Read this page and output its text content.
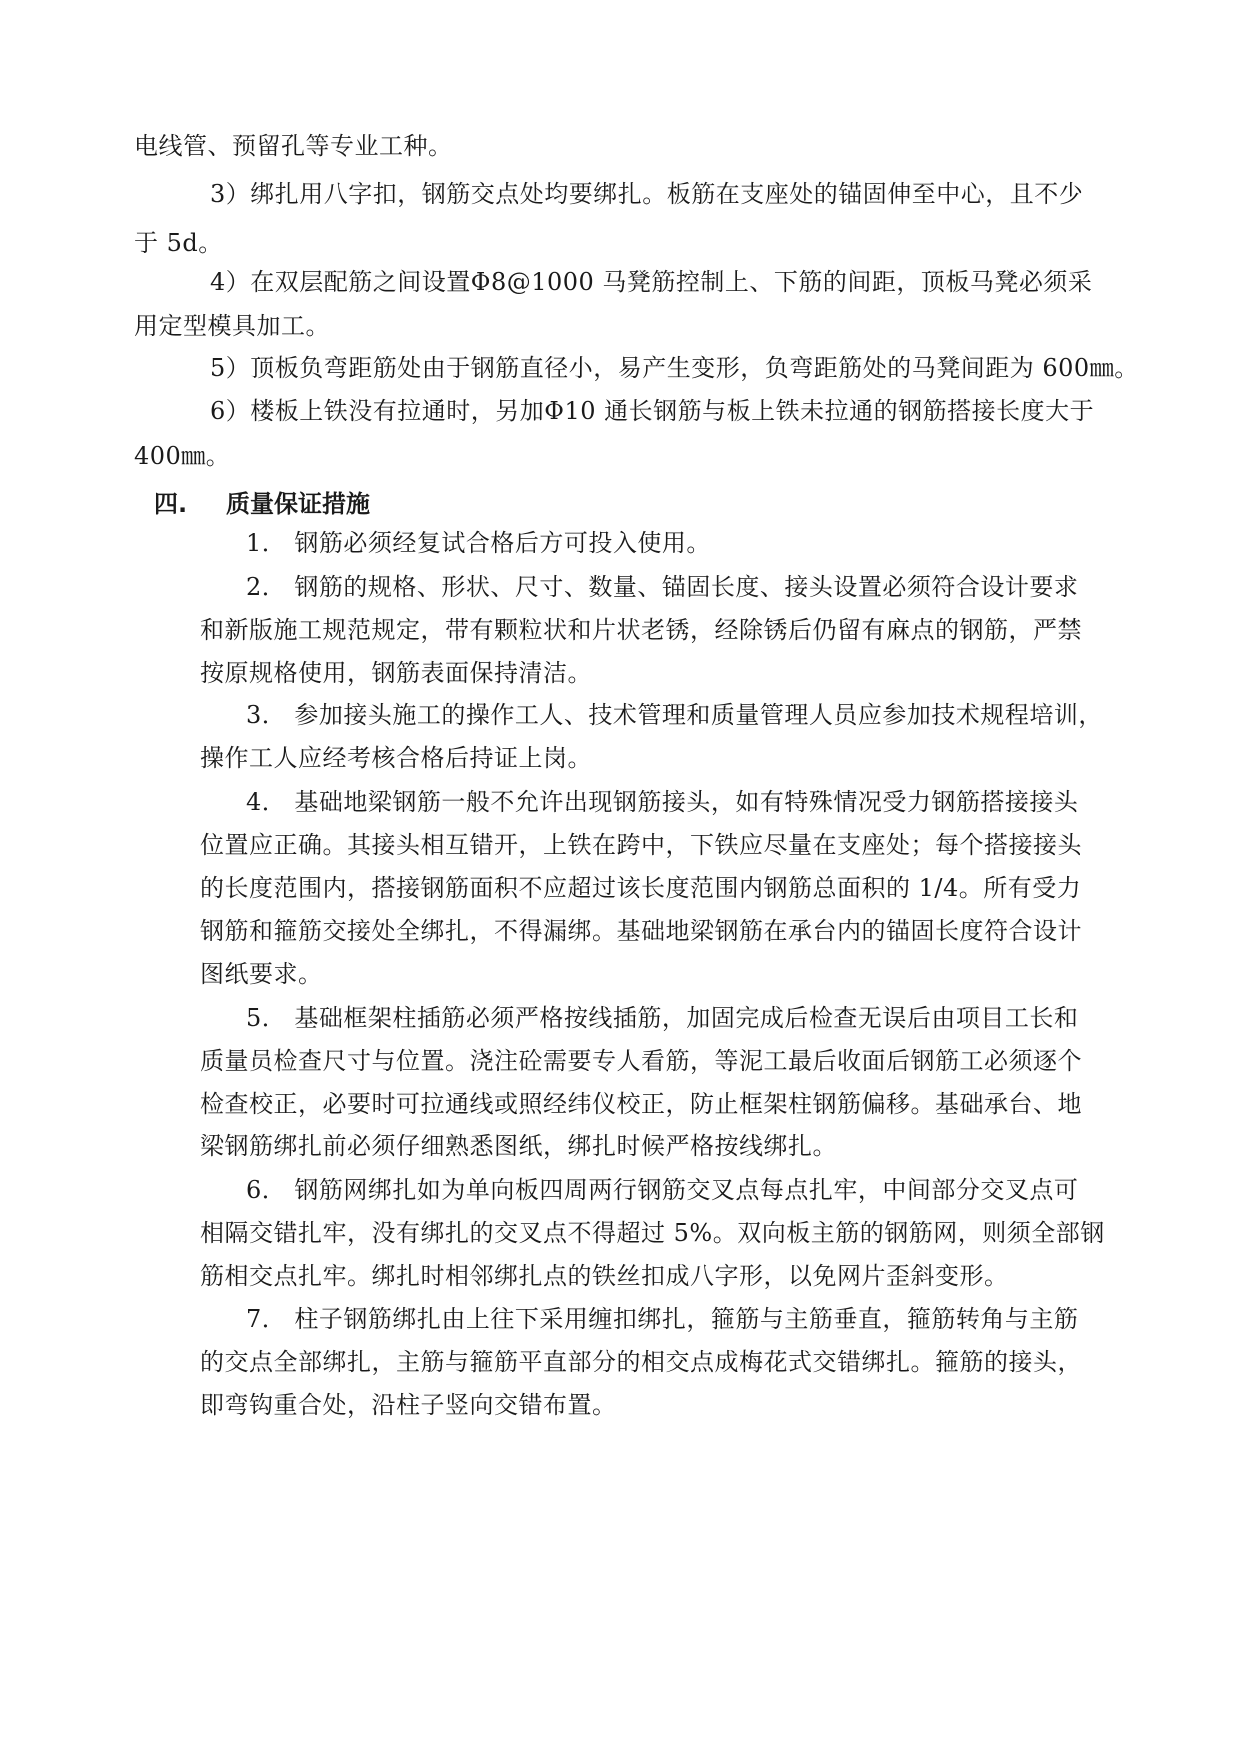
电线管、预留孔等专业工种。
3）绑扎用八字扣，钢筋交点处均要绑扎。板筋在支座处的锚固伸至中心，且不少
于 5d。
4）在双层配筋之间设置Φ8@1000 马凳筋控制上、下筋的间距，顶板马凳必须采
用定型模具加工。
5）顶板负弯距筋处由于钢筋直径小，易产生变形，负弯距筋处的马凳间距为 600㎜。
6）楼板上铁没有拉通时，另加Φ10 通长钢筋与板上铁未拉通的钢筋搭接长度大于
400㎜。
四. 质量保证措施
1． 钢筋必须经复试合格后方可投入使用。
2． 钢筋的规格、形状、尺寸、数量、锚固长度、接头设置必须符合设计要求
和新版施工规范规定，带有颗粒状和片状老锈，经除锈后仍留有麻点的钢筋，严禁
按原规格使用，钢筋表面保持清洁。
3． 参加接头施工的操作工人、技术管理和质量管理人员应参加技术规程培训，
操作工人应经考核合格后持证上岗。
4． 基础地梁钢筋一般不允许出现钢筋接头，如有特殊情况受力钢筋搭接接头
位置应正确。其接头相互错开，上铁在跨中，下铁应尽量在支座处；每个搭接接头
的长度范围内，搭接钢筋面积不应超过该长度范围内钢筋总面积的 1/4。所有受力
钢筋和箍筋交接处全绑扎，不得漏绑。基础地梁钢筋在承台内的锚固长度符合设计
图纸要求。
5． 基础框架柱插筋必须严格按线插筋，加固完成后检查无误后由项目工长和
质量员检查尺寸与位置。浇注砼需要专人看筋，等泥工最后收面后钢筋工必须逐个
检查校正，必要时可拉通线或照经纬仪校正，防止框架柱钢筋偏移。基础承台、地
梁钢筋绑扎前必须仔细熟悉图纸，绑扎时候严格按线绑扎。
6． 钢筋网绑扎如为单向板四周两行钢筋交叉点每点扎牢，中间部分交叉点可
相隔交错扎牢，没有绑扎的交叉点不得超过 5%。双向板主筋的钢筋网，则须全部钢
筋相交点扎牢。绑扎时相邻绑扎点的铁丝扣成八字形，以免网片歪斜变形。
7． 柱子钢筋绑扎由上往下采用缠扣绑扎，箍筋与主筋垂直，箍筋转角与主筋
的交点全部绑扎，主筋与箍筋平直部分的相交点成梅花式交错绑扎。箍筋的接头，
即弯钩重合处，沿柱子竖向交错布置。
